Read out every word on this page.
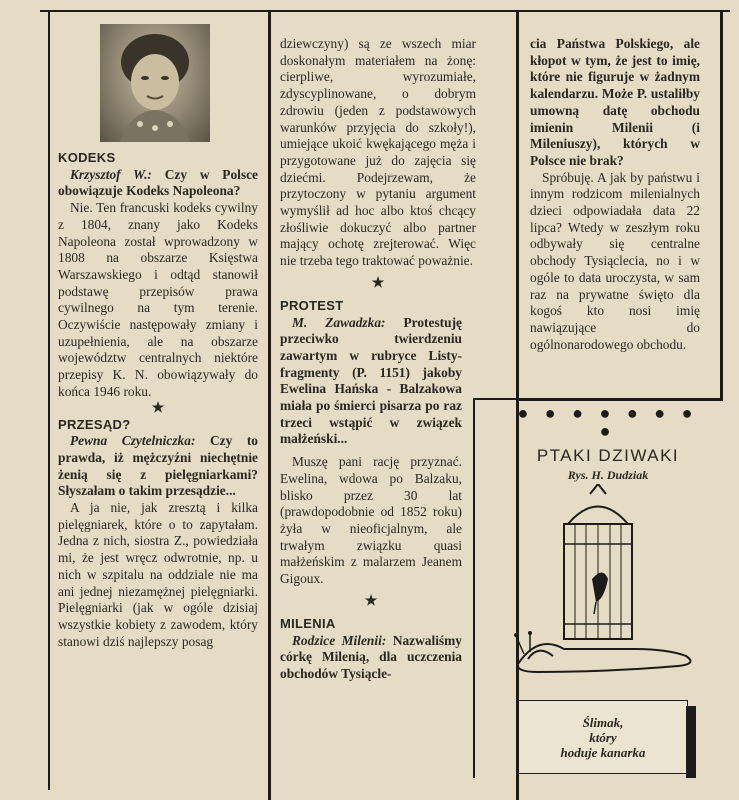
KODEKS

Krzysztof W.: Czy w Polsce obowiązuje Kodeks Napoleona?

Nie. Ten francuski kodeks cywilny z 1804, znany jako Kodeks Napoleona został wprowadzony w 1808 na obszarze Księstwa Warszawskiego i odtąd stanowił podstawę przepisów prawa cywilnego na tym terenie. Oczywiście następowały zmiany i uzupełnienia, ale na obszarze województw centralnych niektóre przepisy K. N. obowiązywały do końca 1946 roku.

★

PRZESĄD?

Pewna Czytelniczka: Czy to prawda, iż mężczyźni niechętnie żenią się z pielęgniarkami? Słyszałam o takim przesądzie...

A ja nie, jak zresztą i kilka pielęgniarek, które o to zapytałam. Jedna z nich, siostra Z., powiedziała mi, że jest wręcz odwrotnie, np. u nich w szpitalu na oddziale nie ma ani jednej niezamężnej pielęgniarki. Pielęgniarki (jak w ogóle dzisiaj wszystkie kobiety z zawodem, który stanowi dziś najlepszy posag

dziewczyny) są ze wszech miar doskonałym materiałem na żonę: cierpliwe, wyrozumiałe, zdyscyplinowane, o dobrym zdrowiu (jeden z podstawowych warunków przyjęcia do szkoły!), umiejące ukoić kwękającego męża i przygotowane już do zajęcia się dziećmi. Podejrzewam, że przytoczony w pytaniu argument wymyślił ad hoc albo ktoś chcący złośliwie dokuczyć albo partner mający ochotę zrejterować. Więc nie trzeba tego traktować poważnie.

★

PROTEST

M. Zawadzka: Protestuję przeciwko twierdzeniu zawartym w rubryce Listy-fragmenty (P. 1151) jakoby Ewelina Hańska - Balzakowa miała po śmierci pisarza po raz trzeci wstąpić w związek małżeński...

Muszę pani rację przyznać. Ewelina, wdowa po Balzaku, blisko przez 30 lat (prawdopodobnie od 1852 roku) żyła w nieoficjalnym, ale trwałym związku quasi małżeńskim z malarzem Jeanem Gigoux.

★

MILENIA

Rodzice Milenii: Nazwaliśmy córkę Milenią, dla uczczenia obchodów Tysiącle-

cia Państwa Polskiego, ale kłopot w tym, że jest to imię, które nie figuruje w żadnym kalendarzu. Może P. ustaliłby umowną datę obchodu imienin Milenii (i Mileniuszy), których w Polsce nie brak?

Spróbuję. A jak by państwu i innym rodzicom milenialnych dzieci odpowiadała data 22 lipca? Wtedy w zeszłym roku odbywały się centralne obchody Tysiąclecia, no i w ogóle to data uroczysta, w sam raz na prywatne święto dla kogoś kto nosi imię nawiązujące do ogólnonarodowego obchodu.

● ● ● ● ● ● ● ●
PTAKI DZIWAKI
Rys. H. Dudziak
Ślimak,
który
hoduje kanarka
